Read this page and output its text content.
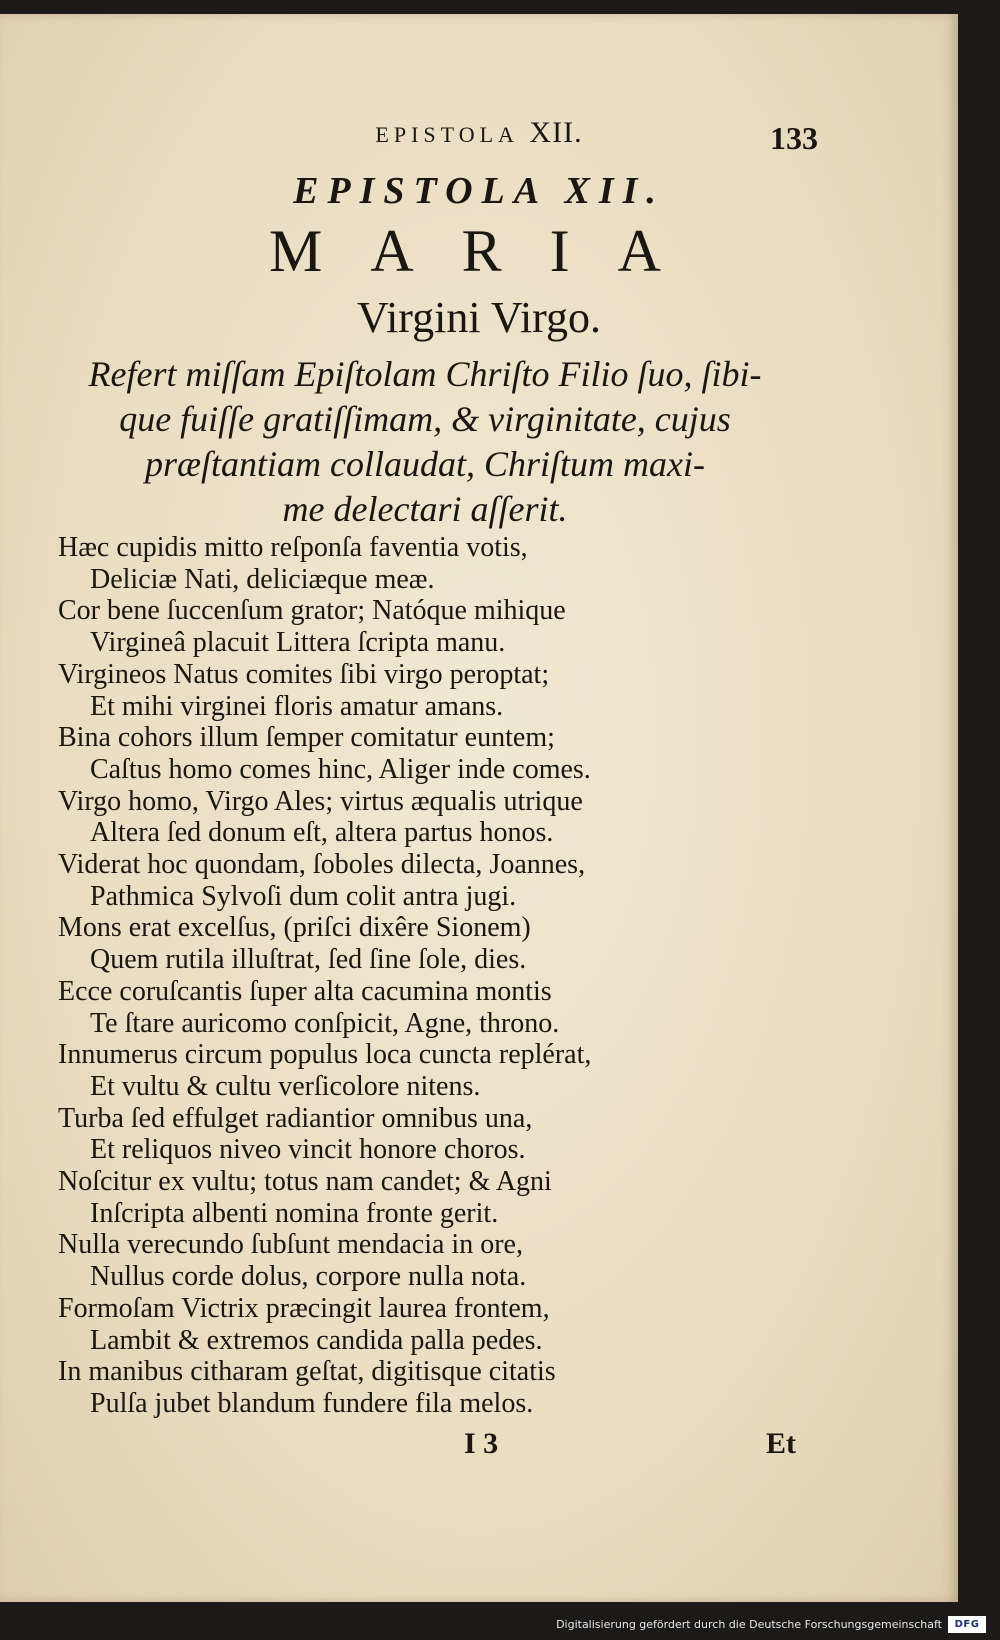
EPISTOLA XII.	133
EPISTOLA XII.
MARIA
Virgini Virgo.
Refert miſſam Epiſtolam Chriſto Filio ſuo, ſibi-
que fuiſſe gratiſſimam, & virginitate, cujus
præſtantiam collaudat, Chriſtum maxi-
me delectari aſſerit.
Hæc cupidis mitto reſponſa faventia votis,
Deliciæ Nati, deliciæque meæ.
Cor bene ſuccenſum grator; Natóque mihique
Virgineâ placuit Littera ſcripta manu.
Virgineos Natus comites ſibi virgo peroptat;
Et mihi virginei floris amatur amans.
Bina cohors illum ſemper comitatur euntem;
Caſtus homo comes hinc, Aliger inde comes.
Virgo homo, Virgo Ales; virtus æqualis utrique
Altera ſed donum eſt, altera partus honos.
Viderat hoc quondam, ſoboles dilecta, Joannes,
Pathmica Sylvoſi dum colit antra jugi.
Mons erat excelſus, (priſci dixêre Sionem)
Quem rutila illuſtrat, ſed ſine ſole, dies.
Ecce coruſcantis ſuper alta cacumina montis
Te ſtare auricomo conſpicit, Agne, throno.
Innumerus circum populus loca cuncta replérat,
Et vultu & cultu verſicolore nitens.
Turba ſed effulget radiantior omnibus una,
Et reliquos niveo vincit honore choros.
Noſcitur ex vultu; totus nam candet; & Agni
Inſcripta albenti nomina fronte gerit.
Nulla verecundo ſubſunt mendacia in ore,
Nullus corde dolus, corpore nulla nota.
Formoſam Victrix præcingit laurea frontem,
Lambit & extremos candida palla pedes.
In manibus citharam geſtat, digitisque citatis
Pulſa jubet blandum fundere fila melos.
I 3	Et
Digitalisierung gefördert durch die Deutsche Forschungsgemeinschaft	DFG
